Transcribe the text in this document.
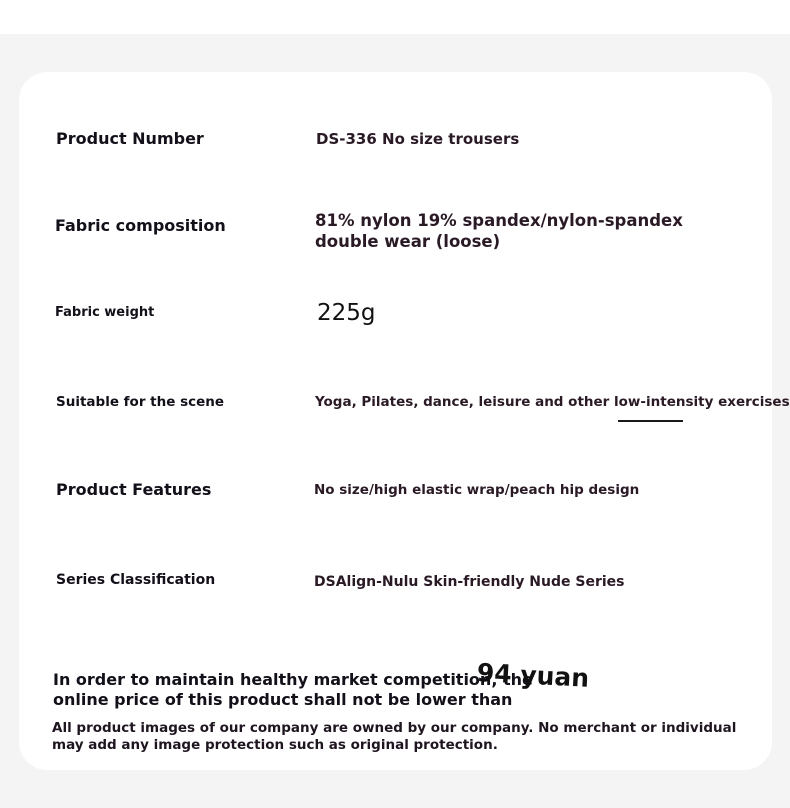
Product Number	DS-336 No size trousers
Fabric composition	81% nylon 19% spandex/nylon-spandex double wear (loose)
Fabric weight	225g
Suitable for the scene	Yoga, Pilates, dance, leisure and other low-intensity exercises
Product Features	No size/high elastic wrap/peach hip design
Series Classification	DSAlign-Nulu Skin-friendly Nude Series
In order to maintain healthy market competition, the
online price of this product shall not be lower than
94 yuan
All product images of our company are owned by our company. No merchant or individual may add any image protection such as original protection.
